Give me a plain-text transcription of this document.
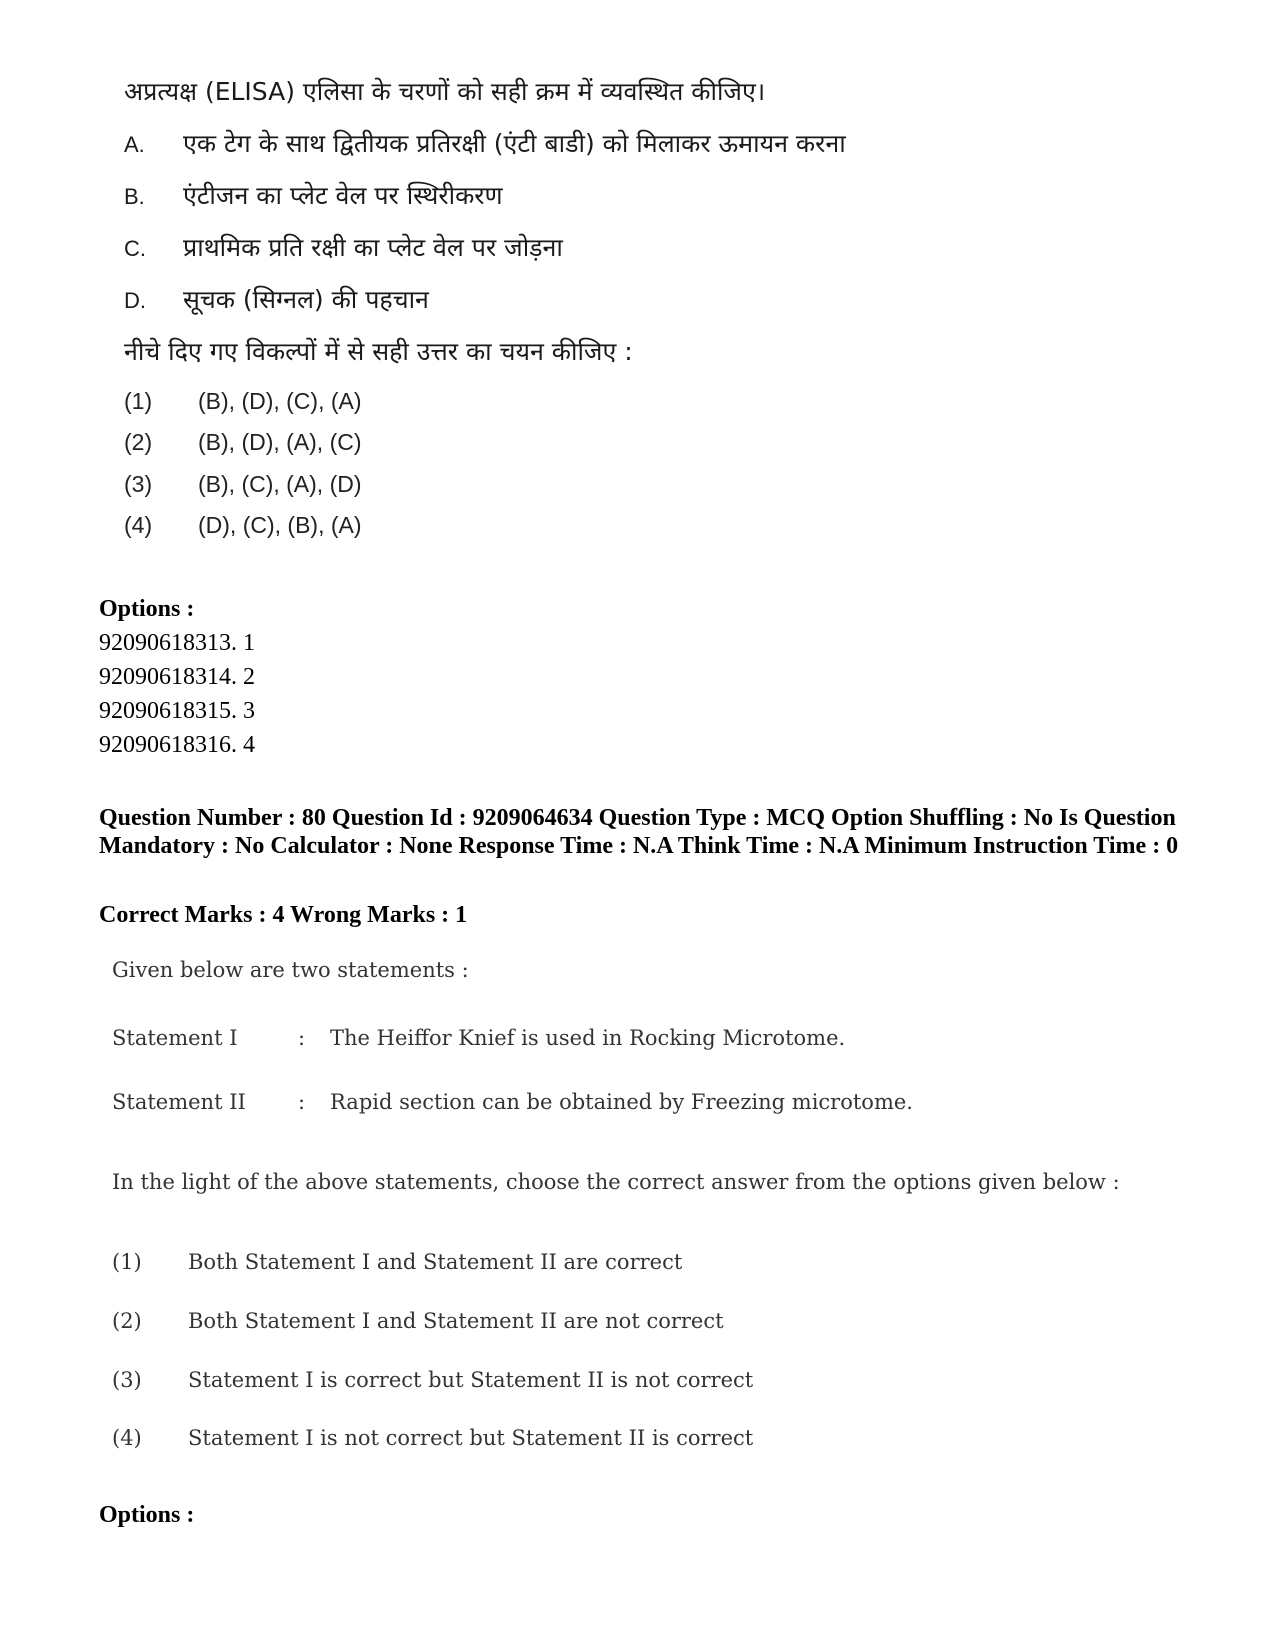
अप्रत्यक्ष (ELISA) एलिसा के चरणों को सही क्रम में व्यवस्थित कीजिए।
A. एक टेग के साथ द्वितीयक प्रतिरक्षी (एंटी बाडी) को मिलाकर ऊमायन करना
B. एंटीजन का प्लेट वेल पर स्थिरीकरण
C. प्राथमिक प्रति रक्षी का प्लेट वेल पर जोड़ना
D. सूचक (सिग्नल) की पहचान
नीचे दिए गए विकल्पों में से सही उत्तर का चयन कीजिए :
(1) (B), (D), (C), (A)
(2) (B), (D), (A), (C)
(3) (B), (C), (A), (D)
(4) (D), (C), (B), (A)
Options :
92090618313. 1
92090618314. 2
92090618315. 3
92090618316. 4
Question Number : 80 Question Id : 9209064634 Question Type : MCQ Option Shuffling : No Is Question Mandatory : No Calculator : None Response Time : N.A Think Time : N.A Minimum Instruction Time : 0
Correct Marks : 4 Wrong Marks : 1
Given below are two statements :
Statement I	: The Heiffor Knief is used in Rocking Microtome.
Statement II : Rapid section can be obtained by Freezing microtome.
In the light of the above statements, choose the correct answer from the options given below :
(1) Both Statement I and Statement II are correct
(2) Both Statement I and Statement II are not correct
(3) Statement I is correct but Statement II is not correct
(4) Statement I is not correct but Statement II is correct
Options :
